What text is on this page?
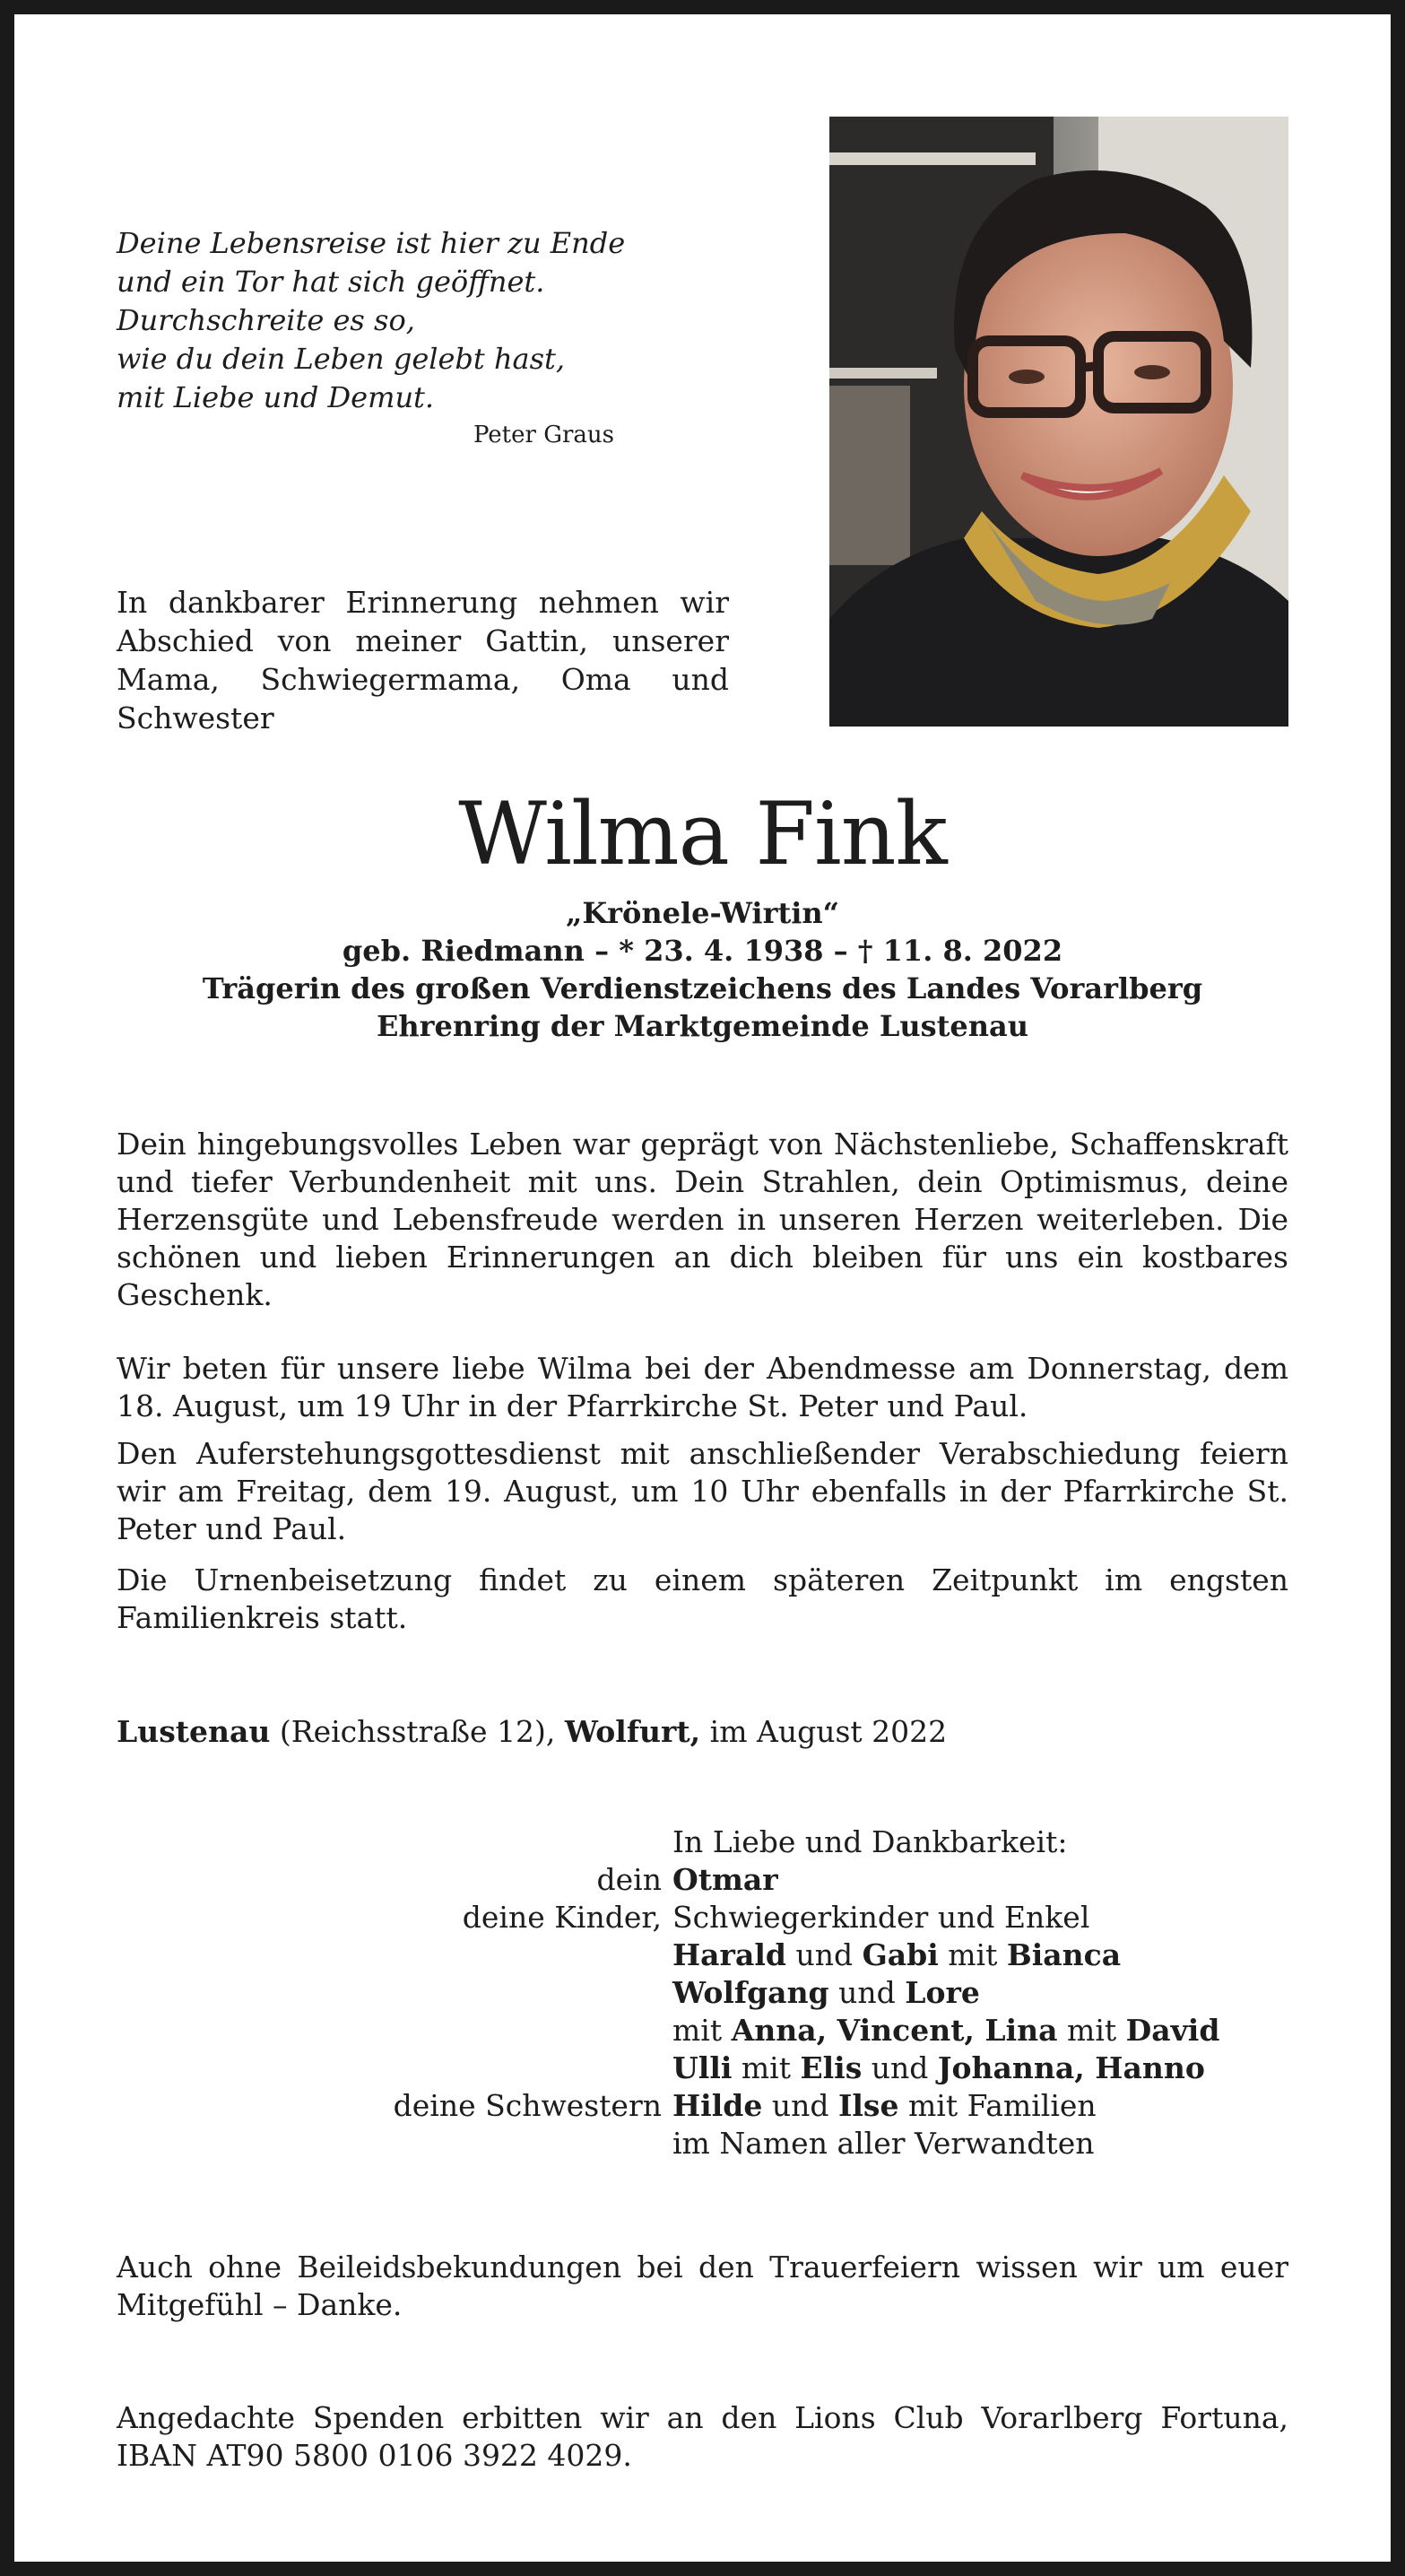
Deine Lebensreise ist hier zu Ende
und ein Tor hat sich geöffnet.
Durchschreite es so,
wie du dein Leben gelebt hast,
mit Liebe und Demut.
Peter Graus
In dankbarer Erinnerung nehmen wir Abschied von meiner Gattin, unserer Mama, Schwiegermama, Oma und Schwester
Wilma Fink
„Krönele-Wirtin“
geb. Riedmann – * 23. 4. 1938 – † 11. 8. 2022
Trägerin des großen Verdienstzeichens des Landes Vorarlberg
Ehrenring der Marktgemeinde Lustenau
Dein hingebungsvolles Leben war geprägt von Nächstenliebe, Schaffenskraft und tiefer Verbundenheit mit uns. Dein Strahlen, dein Optimismus, deine Herzensgüte und Lebensfreude werden in unseren Herzen weiterleben. Die schönen und lieben Erinnerungen an dich bleiben für uns ein kostbares Geschenk.
Wir beten für unsere liebe Wilma bei der Abendmesse am Donnerstag, dem 18. August, um 19 Uhr in der Pfarrkirche St. Peter und Paul.
Den Auferstehungsgottesdienst mit anschließender Verabschiedung feiern wir am Freitag, dem 19. August, um 10 Uhr ebenfalls in der Pfarrkirche St. Peter und Paul.
Die Urnenbeisetzung findet zu einem späteren Zeitpunkt im engsten Familienkreis statt.
Lustenau (Reichsstraße 12), Wolfurt, im August 2022
In Liebe und Dankbarkeit:
dein Otmar
deine Kinder, Schwiegerkinder und Enkel
Harald und Gabi mit Bianca
Wolfgang und Lore
mit Anna, Vincent, Lina mit David
Ulli mit Elis und Johanna, Hanno
deine Schwestern Hilde und Ilse mit Familien
im Namen aller Verwandten
Auch ohne Beileidsbekundungen bei den Trauerfeiern wissen wir um euer Mitgefühl – Danke.
Angedachte Spenden erbitten wir an den Lions Club Vorarlberg Fortuna, IBAN AT90 5800 0106 3922 4029.
